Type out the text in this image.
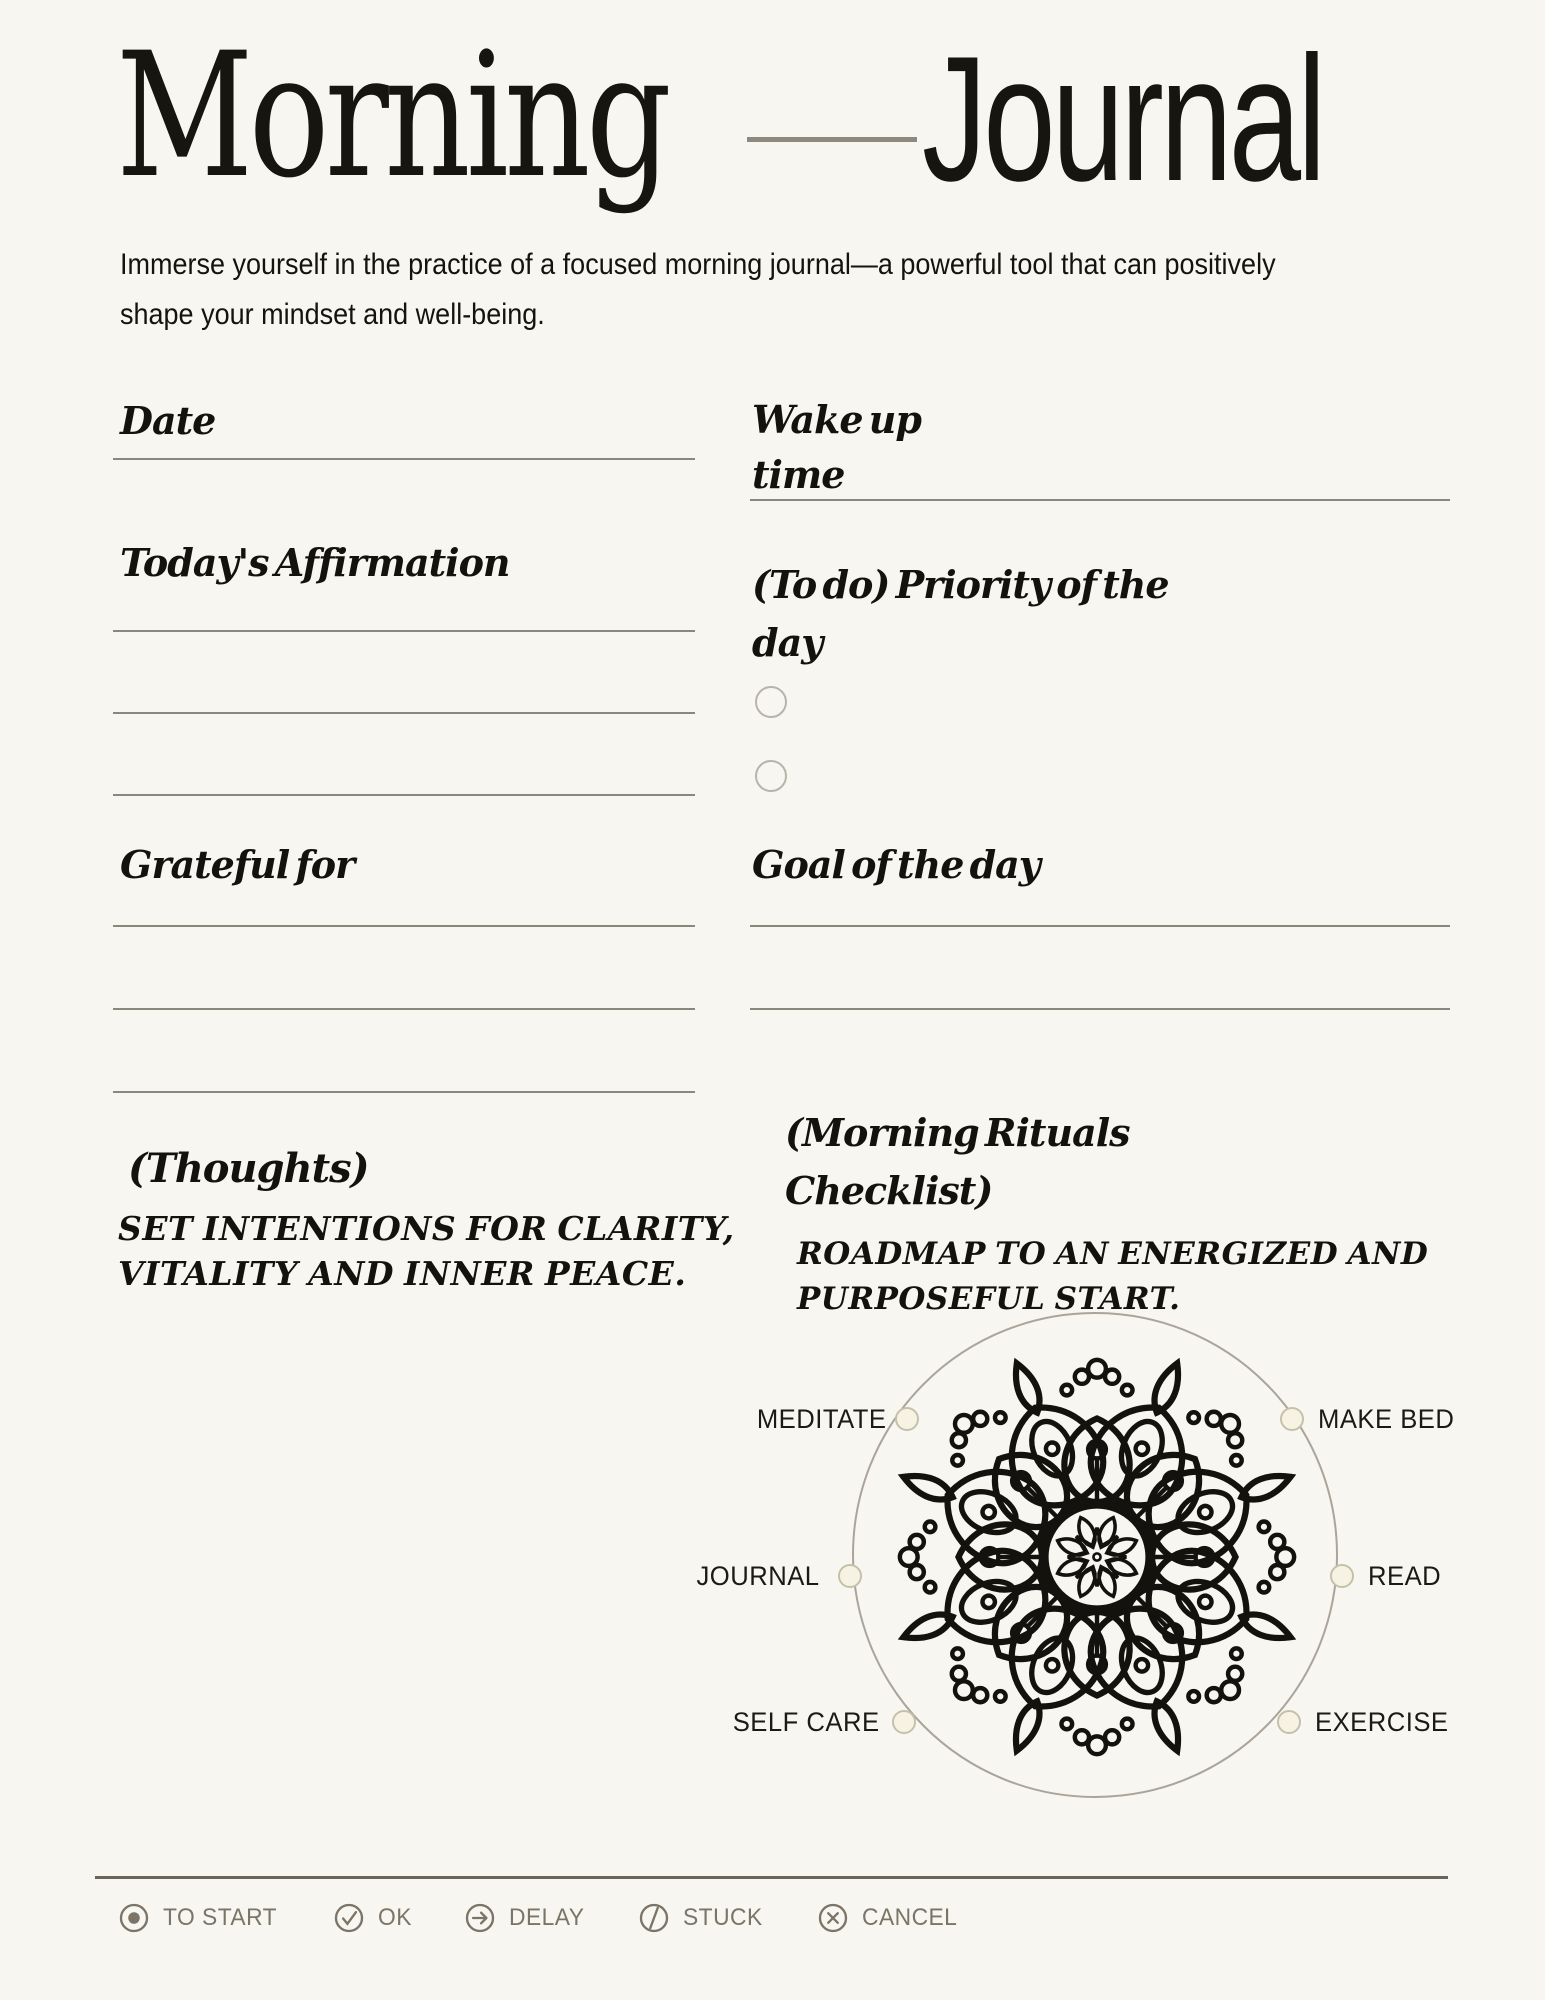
Morning Journal
Immerse yourself in the practice of a focused morning journal—a powerful tool that can positively
shape your mindset and well-being.
Date
Today's Affirmation
Grateful for
(Thoughts)
SET INTENTIONS FOR CLARITY,
VITALITY AND INNER PEACE.
Wake up
time
(To do) Priority of the
day
Goal of the day
(Morning Rituals
Checklist)
ROADMAP TO AN ENERGIZED AND
PURPOSEFUL START.
MEDITATE	MAKE BED
JOURNAL	READ
SELF CARE	EXERCISE
TO START	OK	DELAY	STUCK	CANCEL
